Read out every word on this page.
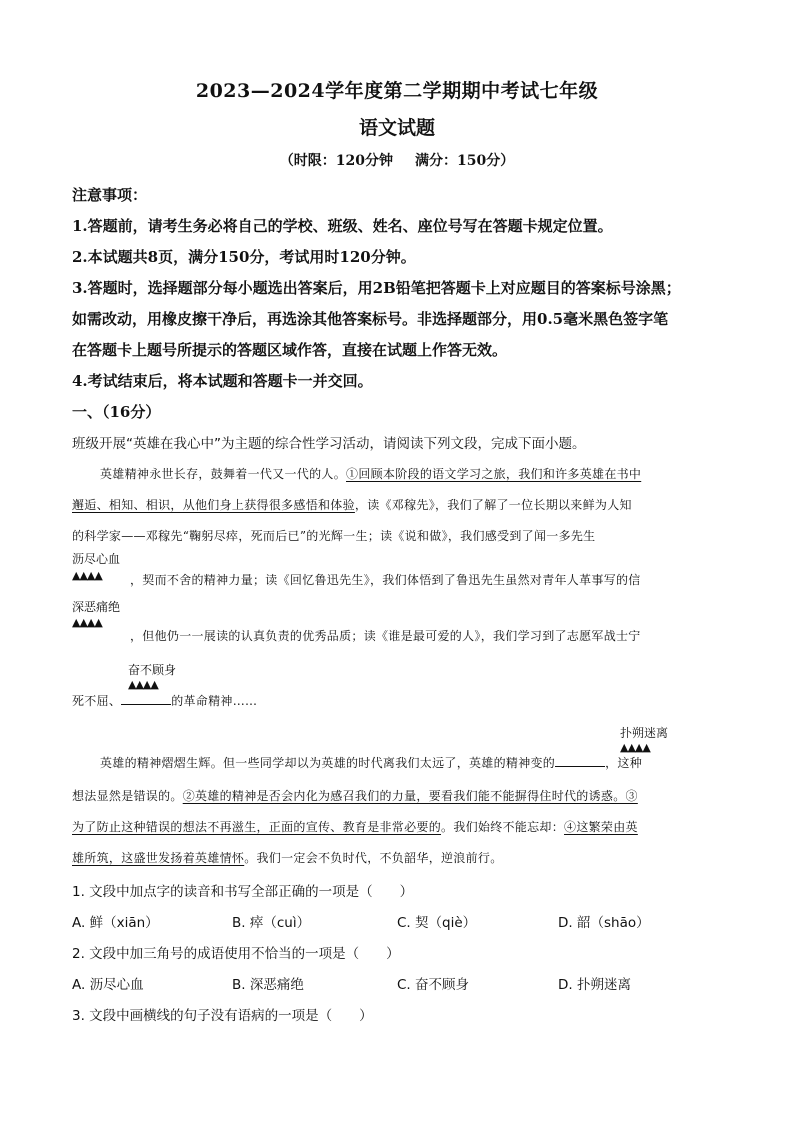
2023—2024学年度第二学期期中考试七年级
语文试题
（时限：120分钟 满分：150分）
注意事项：
1.答题前，请考生务必将自己的学校、班级、姓名、座位号写在答题卡规定位置。
2.本试题共8页，满分150分，考试用时120分钟。
3.答题时，选择题部分每小题选出答案后，用2B铅笔把答题卡上对应题目的答案标号涂黑；
如需改动，用橡皮擦干净后，再选涂其他答案标号。非选择题部分，用0.5毫米黑色签字笔
在答题卡上题号所提示的答题区域作答，直接在试题上作答无效。
4.考试结束后，将本试题和答题卡一并交回。
一、（16分）
班级开展“英雄在我心中”为主题的综合性学习活动，请阅读下列文段，完成下面小题。
英雄精神永世长存，鼓舞着一代又一代的人。①回顾本阶段的语文学习之旅，我们和许多英雄在书中
邂逅、相知、相识，从他们身上获得很多感悟和体验，读《邓稼先》，我们了解了一位长期以来鲜为人知
的科学家——邓稼先“鞠躬尽瘁，死而后已”的光辉一生；读《说和做》，我们感受到了闻一多先生
沥尽心血
▲▲▲▲ ，契而不舍的精神力量；读《回忆鲁迅先生》，我们体悟到了鲁迅先生虽然对青年人革事写的信
深恶痛绝
▲▲▲▲
，但他仍一一展读的认真负责的优秀品质；读《谁是最可爱的人》，我们学习到了志愿军战士宁
奋不顾身
▲▲▲▲
死不屈、	的革命精神……
扑朔迷离
▲▲▲▲
英雄的精神熠熠生辉。但一些同学却以为英雄的时代离我们太远了，英雄的精神变的	，这种
想法显然是错误的。②英雄的精神是否会内化为感召我们的力量，要看我们能不能摒得住时代的诱惑。③
为了防止这种错误的想法不再滋生，正面的宣传、教育是非常必要的。我们始终不能忘却：④这繁荣由英
雄所筑，这盛世发扬着英雄情怀。我们一定会不负时代，不负韶华，逆浪前行。
1. 文段中加点字的读音和书写全部正确的一项是（　　）
A. 鲜（xiān）	B. 瘁（cuì）	C. 契（qiè）	D. 韶（shāo）
2. 文段中加三角号的成语使用不恰当的一项是（　　）
A. 沥尽心血	B. 深恶痛绝	C. 奋不顾身	D. 扑朔迷离
3. 文段中画横线的句子没有语病的一项是（　　）
